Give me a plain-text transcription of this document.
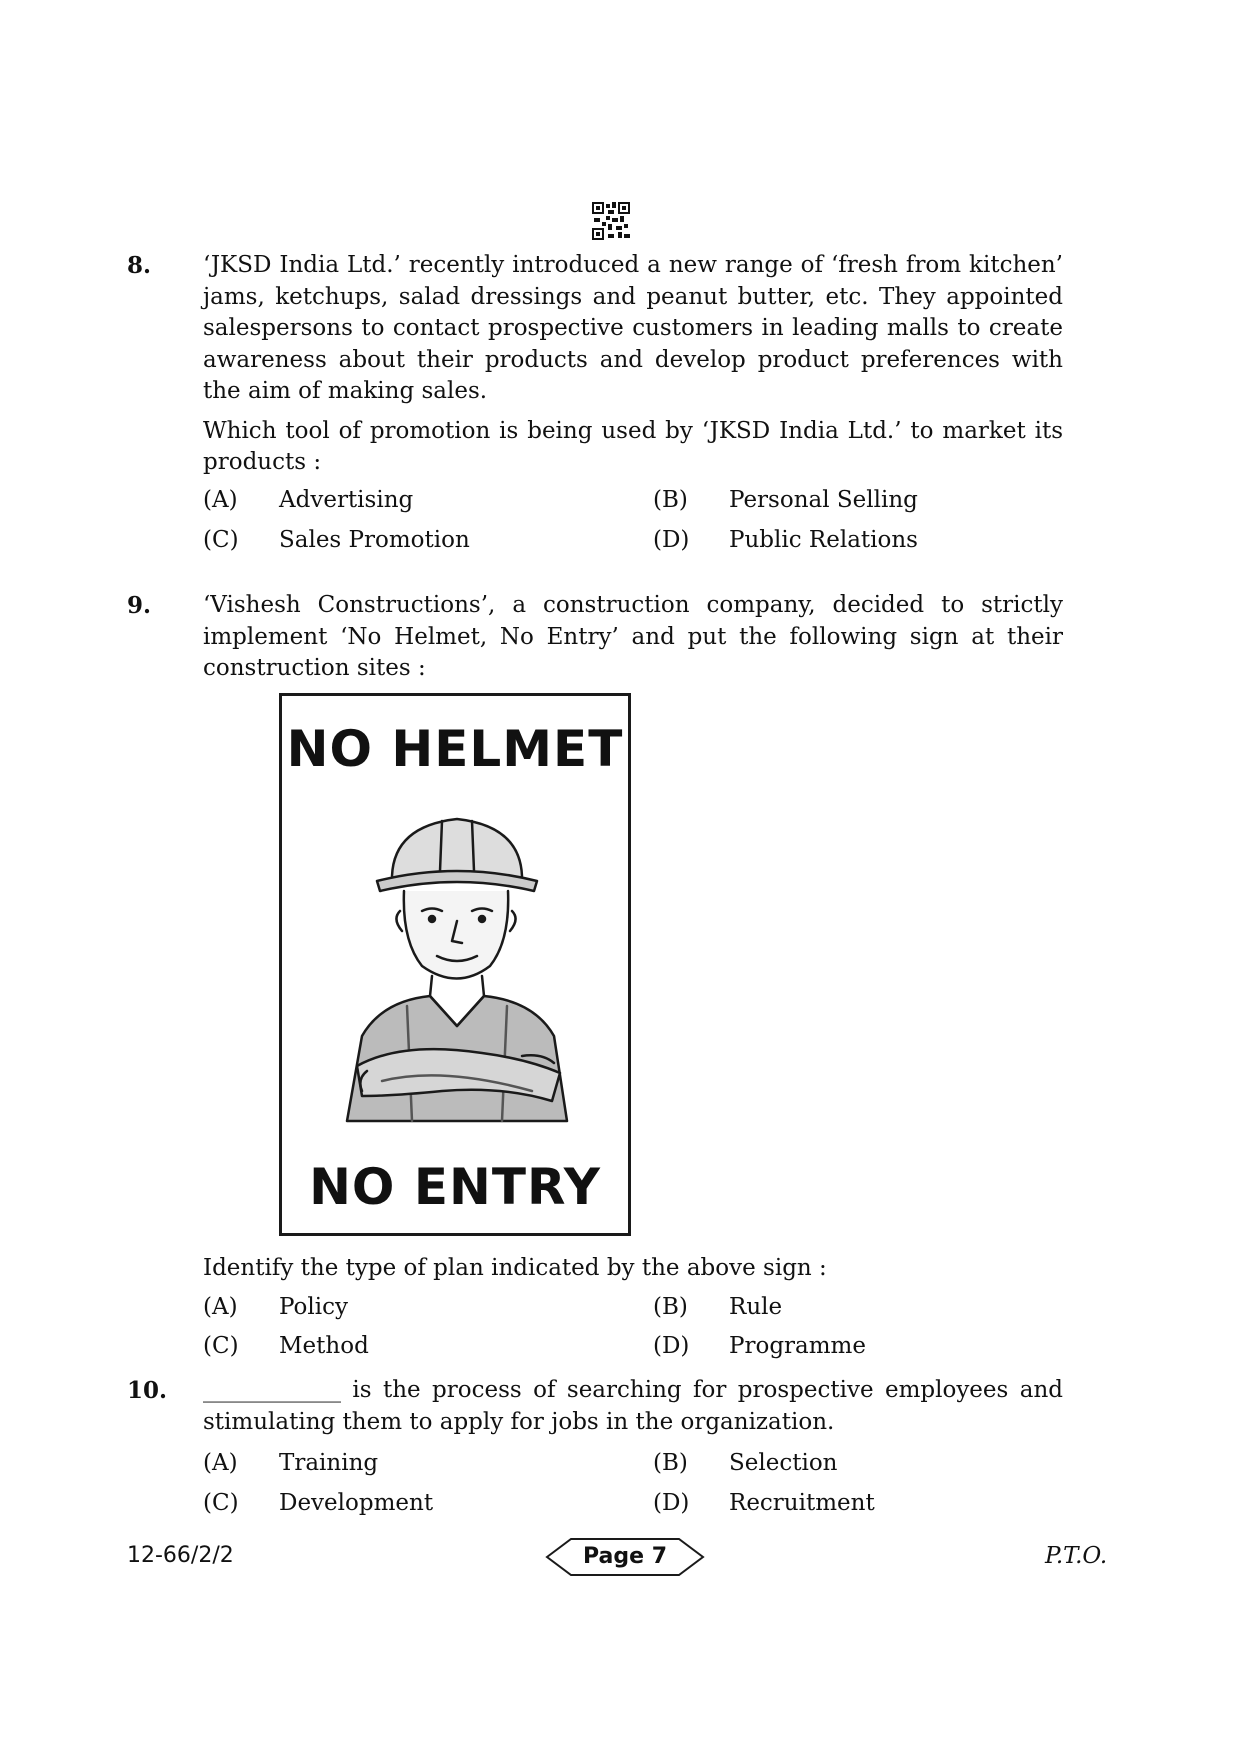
8. ‘JKSD India Ltd.’ recently introduced a new range of ‘fresh from kitchen’ jams, ketchups, salad dressings and peanut butter, etc. They appointed salespersons to contact prospective customers in leading malls to create awareness about their products and develop product preferences with the aim of making sales.

Which tool of promotion is being used by ‘JKSD India Ltd.’ to market its products :

(A) Advertising	(B) Personal Selling
(C) Sales Promotion	(D) Public Relations
9. ‘Vishesh Constructions’, a construction company, decided to strictly implement ‘No Helmet, No Entry’ and put the following sign at their construction sites :

Identify the type of plan indicated by the above sign :
(A) Policy	(B) Rule
(C) Method	(D) Programme
NO HELMET
NO ENTRY
10. ____________ is the process of searching for prospective employees and stimulating them to apply for jobs in the organization.

(A) Training	(B) Selection
(C) Development	(D) Recruitment
12-66/2/2	Page 7	P.T.O.
